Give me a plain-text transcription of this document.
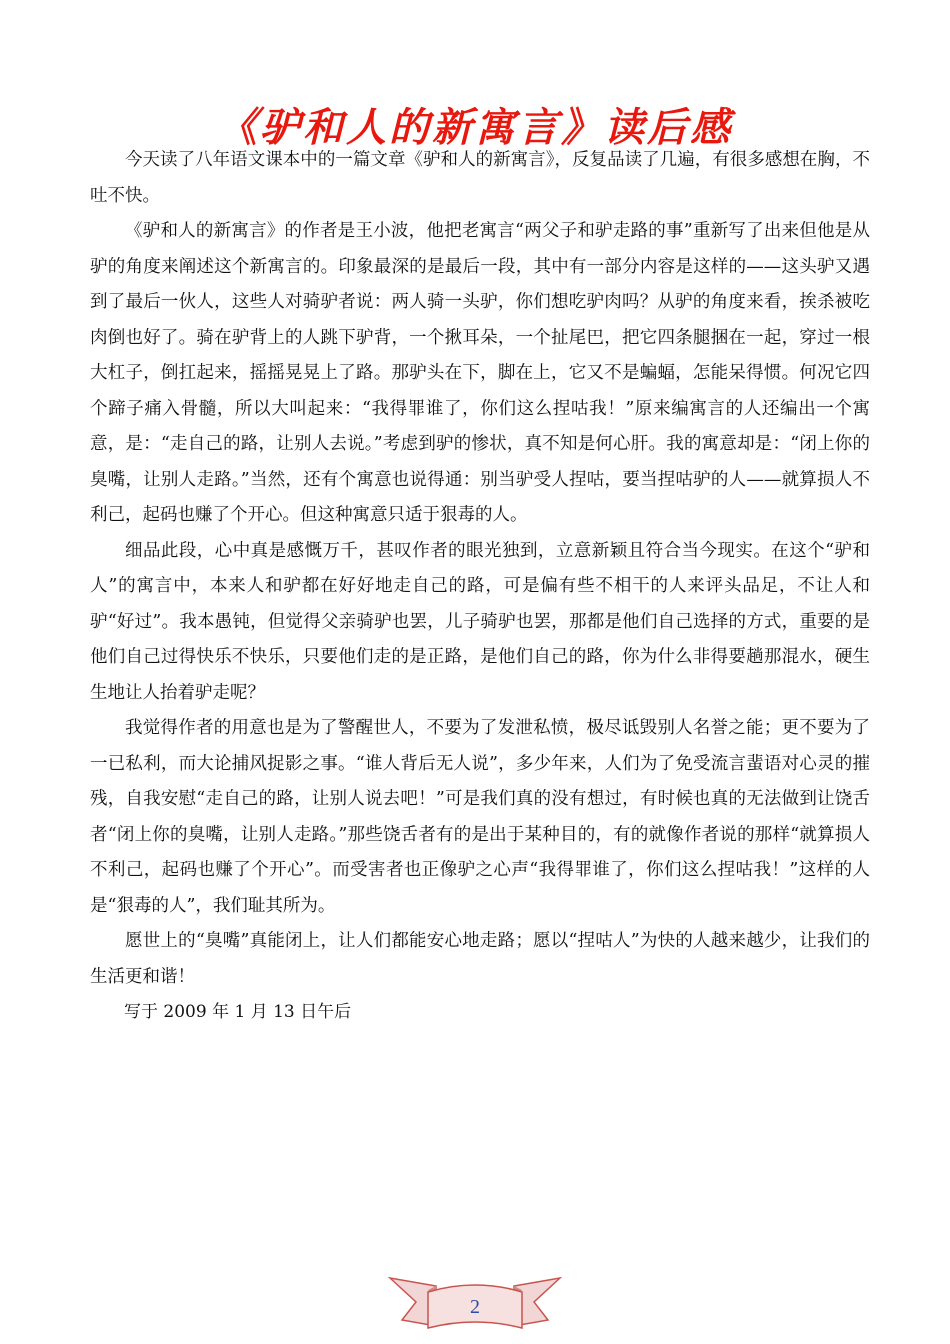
《驴和人的新寓言》读后感

今天读了八年语文课本中的一篇文章《驴和人的新寓言》，反复品读了几遍，有很多感想在胸，不吐不快。

《驴和人的新寓言》的作者是王小波，他把老寓言“两父子和驴走路的事”重新写了出来但他是从驴的角度来阐述这个新寓言的。印象最深的是最后一段，其中有一部分内容是这样的——这头驴又遇到了最后一伙人，这些人对骑驴者说：两人骑一头驴，你们想吃驴肉吗？从驴的角度来看，挨杀被吃肉倒也好了。骑在驴背上的人跳下驴背，一个揪耳朵，一个扯尾巴，把它四条腿捆在一起，穿过一根大杠子，倒扛起来，摇摇晃晃上了路。那驴头在下，脚在上，它又不是蝙蝠，怎能呆得惯。何况它四个蹄子痛入骨髓，所以大叫起来：“我得罪谁了，你们这么捏咕我！”原来编寓言的人还编出一个寓意，是：“走自己的路，让别人去说。”考虑到驴的惨状，真不知是何心肝。我的寓意却是：“闭上你的臭嘴，让别人走路。”当然，还有个寓意也说得通：别当驴受人捏咕，要当捏咕驴的人——就算损人不利己，起码也赚了个开心。但这种寓意只适于狠毒的人。

细品此段，心中真是感慨万千，甚叹作者的眼光独到，立意新颖且符合当今现实。在这个“驴和人”的寓言中，本来人和驴都在好好地走自己的路，可是偏有些不相干的人来评头品足，不让人和驴“好过”。我本愚钝，但觉得父亲骑驴也罢，儿子骑驴也罢，那都是他们自己选择的方式，重要的是他们自己过得快乐不快乐，只要他们走的是正路，是他们自己的路，你为什么非得要趟那混水，硬生生地让人抬着驴走呢？

我觉得作者的用意也是为了警醒世人，不要为了发泄私愤，极尽诋毁别人名誉之能；更不要为了一已私利，而大论捕风捉影之事。“谁人背后无人说”，多少年来，人们为了免受流言蜚语对心灵的摧残，自我安慰“走自己的路，让别人说去吧！”可是我们真的没有想过，有时候也真的无法做到让饶舌者“闭上你的臭嘴，让别人走路。”那些饶舌者有的是出于某种目的，有的就像作者说的那样“就算损人不利己，起码也赚了个开心”。而受害者也正像驴之心声“我得罪谁了，你们这么捏咕我！”这样的人是“狠毒的人”，我们耻其所为。

愿世上的“臭嘴”真能闭上，让人们都能安心地走路；愿以“捏咕人”为快的人越来越少，让我们的生活更和谐！

写于 2009 年 1 月 13 日午后

2
